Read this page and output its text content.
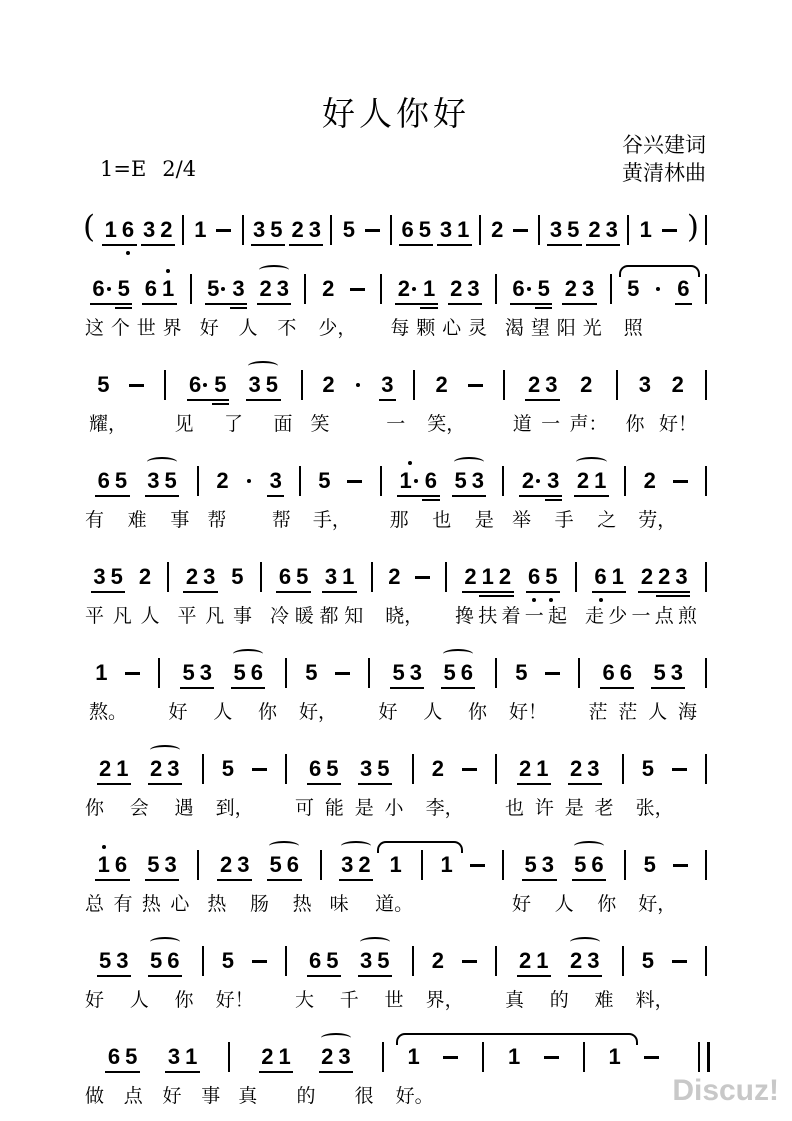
好人你好
谷兴建词
黄清林曲
1=E 2/4
( 1 6 3 2 1 3 5 2 3 5 6 5 3 1 2 3 5 2 3 1 )
6 5 6 1
这 个 世 界
5 3 2 3
好 人 不
2
少，
2 1 2 3
每 颗 心 灵
6 5 2 3
渴 望 阳 光
5 6
照
5
耀，
6 5 3 5
见 了 面
2 3
笑	一
2
笑，
2 3 2
道 一 声：
3 2
你 好！
6 5 3 5
有 难 事
2 3
帮 帮
5
手，
1 6 5 3
那 也 是
2 3 2 1
举 手 之
2
劳，
3 5 2
平 凡 人
2 3 5
平 凡 事
6 5 3 1
冷 暖 都 知
2
晓，
2 1 2 6 5
搀 扶 着 一 起
6 1 2 2 3
走 少 一 点 煎
1
熬。
5 3 5 6
好 人 你
5
好，
5 3 5 6
好 人 你
5
好！
6 6 5 3
茫 茫 人 海
2 1 2 3
你 会 遇
5
到，
6 5 3 5
可 能 是 小
2
李，
2 1 2 3
也 许 是 老
5
张，
1 6 5 3
总 有 热 心
2 3 5 6
热 肠 热
3 2 1
味 道。
1	5 3 5 6
好 人 你
5
好，
5 3 5 6
好 人 你
5
好！
6 5 3 5
大 千 世
2
界，
2 1 2 3
真 的 难
5
料，
6 5 3 1
做 点 好 事
2 1 2 3
真 的 很
1
好。
1	1
Discuz!
